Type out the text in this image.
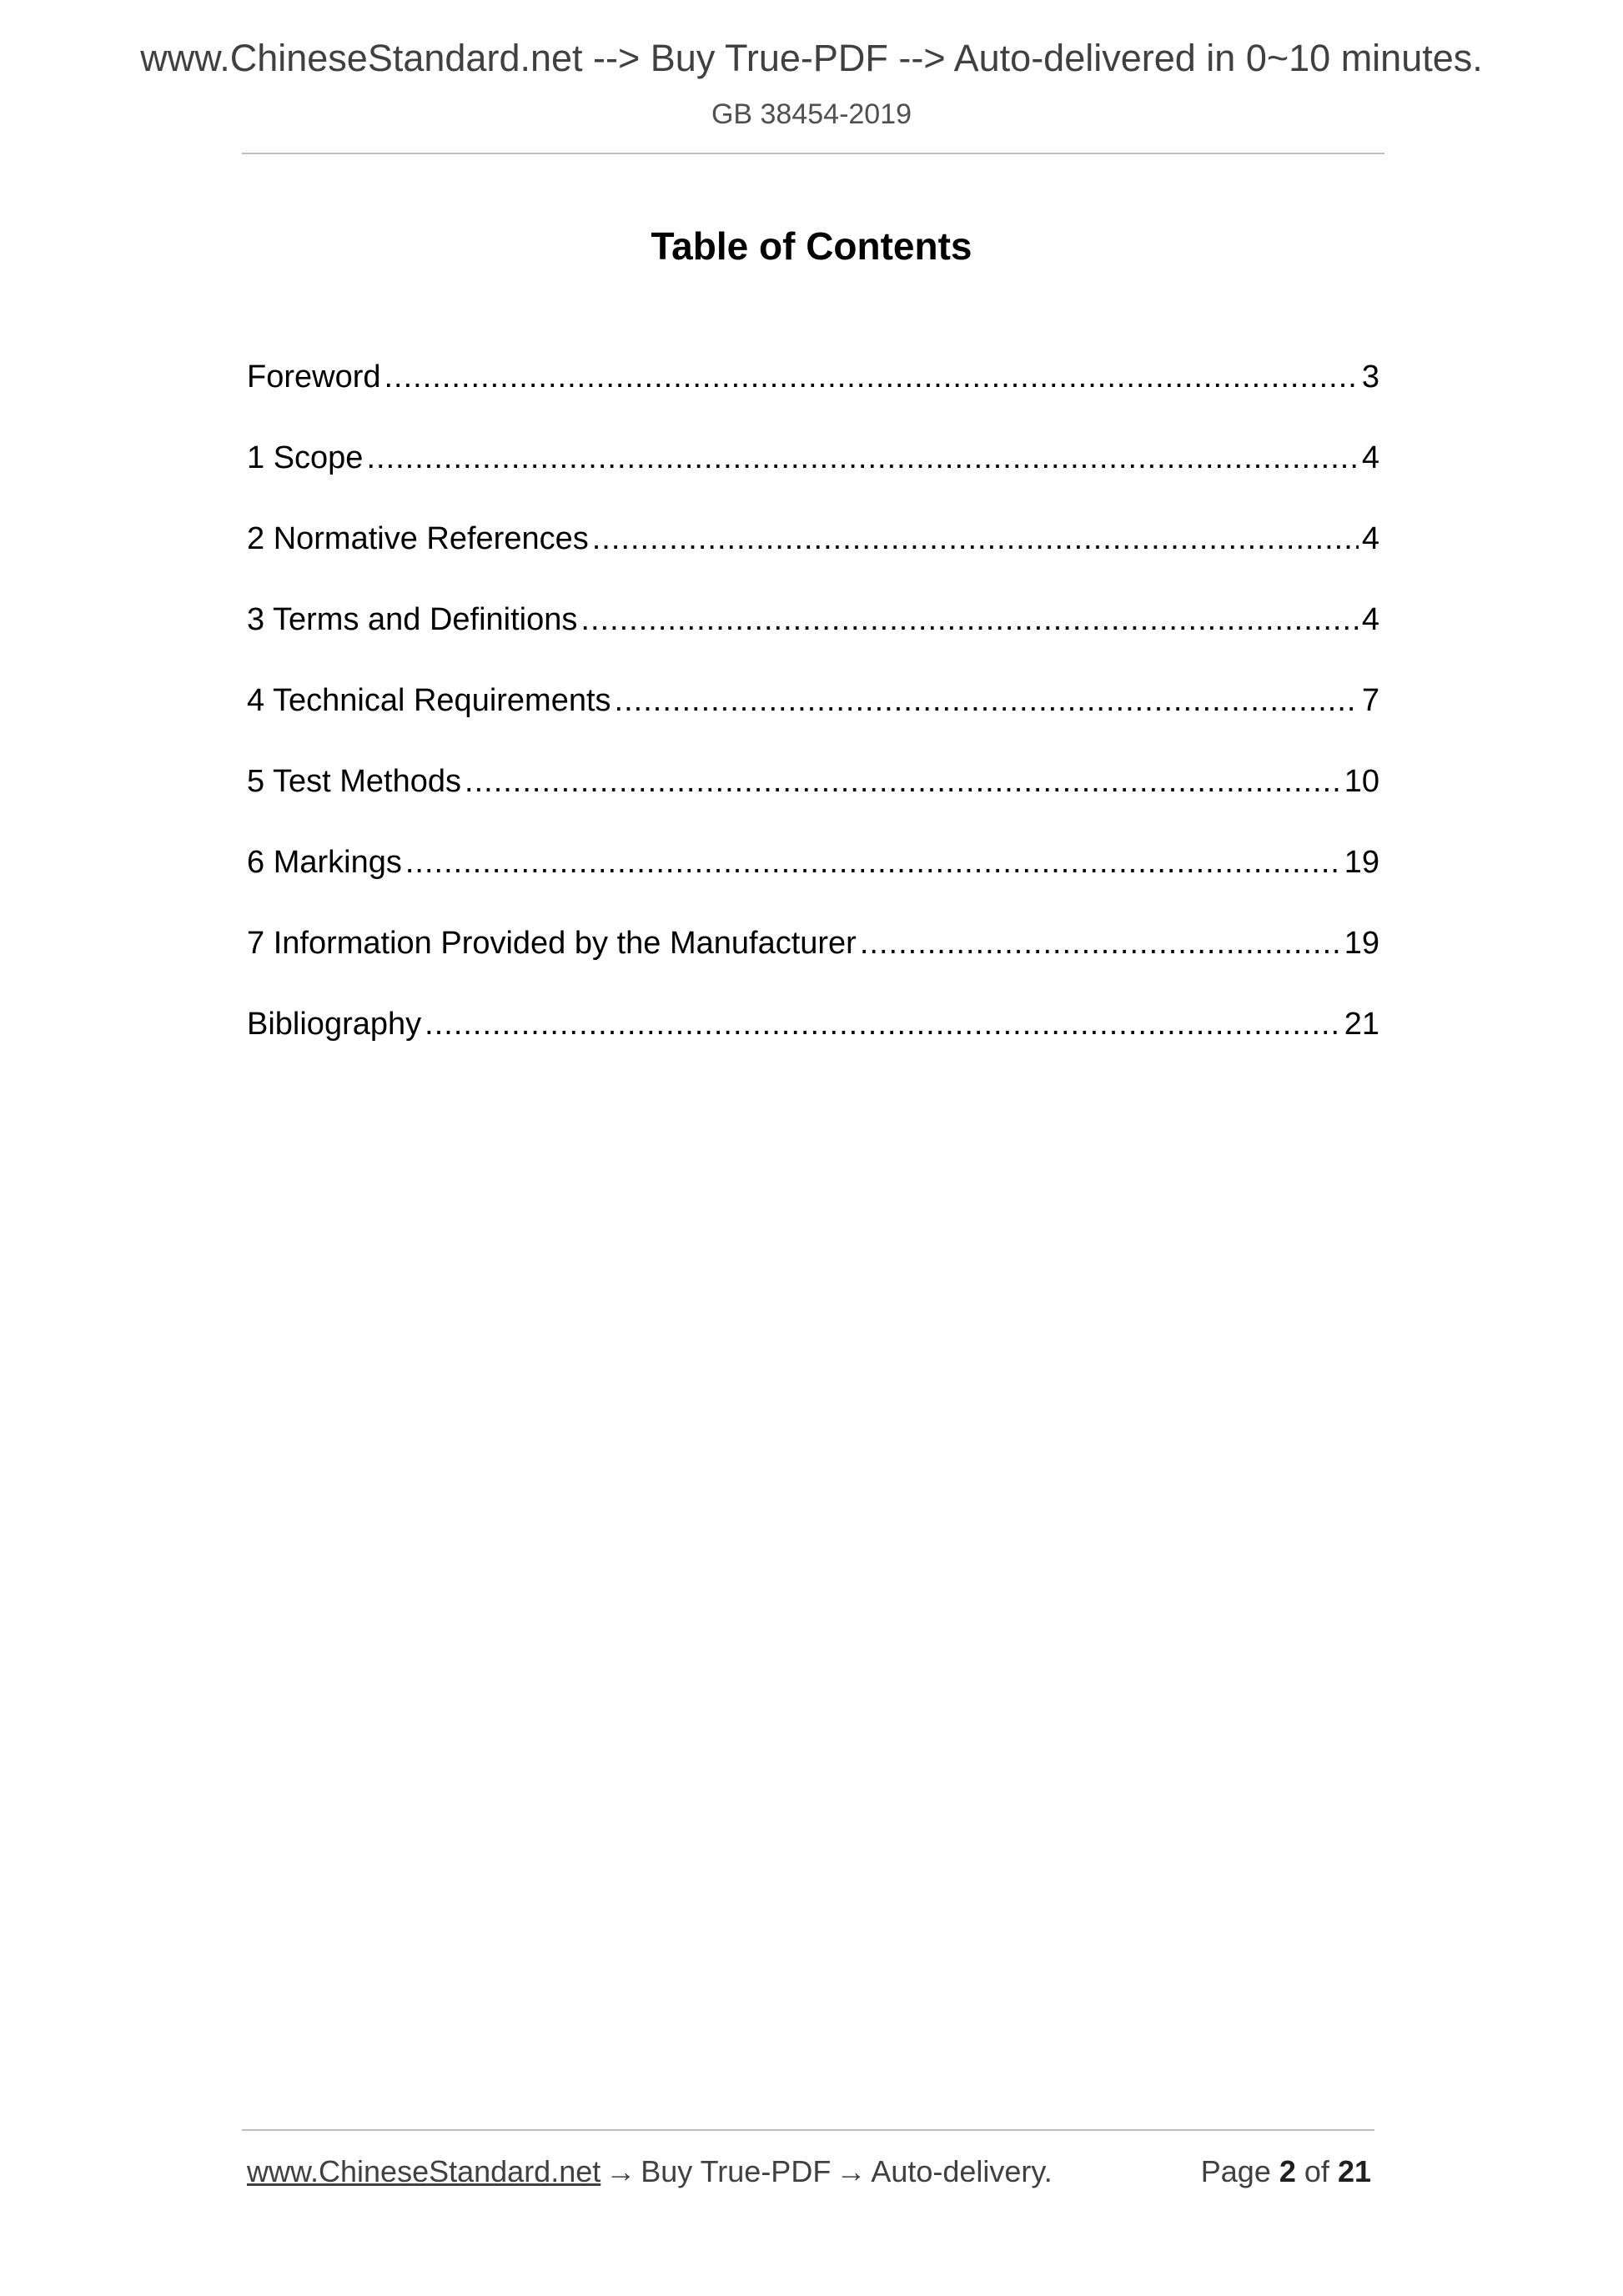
www.ChineseStandard.net --> Buy True-PDF --> Auto-delivered in 0~10 minutes.
GB 38454-2019
Table of Contents
Foreword .....	3
1 Scope .....	4
2 Normative References .....	4
3 Terms and Definitions .....	4
4 Technical Requirements .....	7
5 Test Methods .....	10
6 Markings .....	19
7 Information Provided by the Manufacturer .....	19
Bibliography .....	21
www.ChineseStandard.net → Buy True-PDF → Auto-delivery.	Page 2 of 21
